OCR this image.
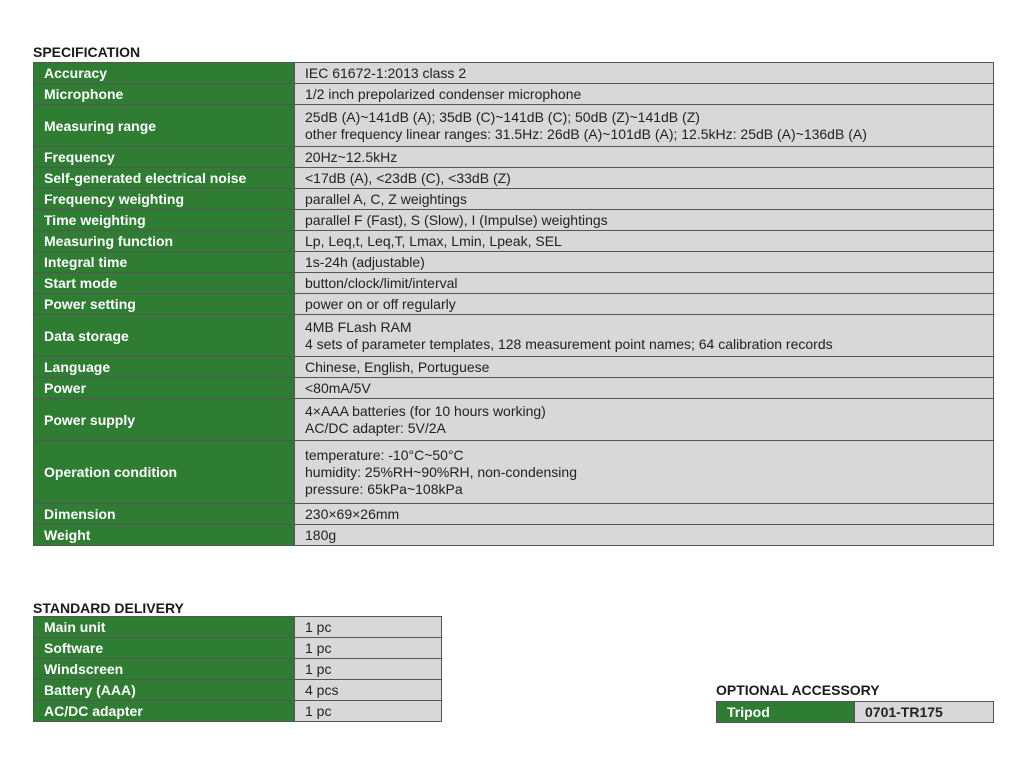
SPECIFICATION
Accuracy	IEC 61672-1:2013 class 2

Microphone	1/2 inch prepolarized condenser microphone

Measuring range	25dB (A)~141dB (A); 35dB (C)~141dB (C); 50dB (Z)~141dB (Z)
other frequency linear ranges: 31.5Hz: 26dB (A)~101dB (A); 12.5kHz: 25dB (A)~136dB (A)

Frequency	20Hz~12.5kHz

Self-generated electrical noise	<17dB (A), <23dB (C), <33dB (Z)

Frequency weighting	parallel A, C, Z weightings

Time weighting	parallel F (Fast), S (Slow), I (Impulse) weightings

Measuring function	Lp, Leq,t, Leq,T, Lmax, Lmin, Lpeak, SEL

Integral time	1s-24h (adjustable)

Start mode	button/clock/limit/interval

Power setting	power on or off regularly

Data storage	4MB FLash RAM
4 sets of parameter templates, 128 measurement point names; 64 calibration records

Language	Chinese, English, Portuguese

Power	<80mA/5V

Power supply	4×AAA batteries (for 10 hours working)
AC/DC adapter: 5V/2A

Operation condition	temperature: -10°C~50°C
humidity: 25%RH~90%RH, non-condensing
pressure: 65kPa~108kPa

Dimension	230×69×26mm

Weight	180g
STANDARD DELIVERY
Main unit	1 pc
Software	1 pc
Windscreen	1 pc
Battery (AAA)	4 pcs
AC/DC adapter	1 pc
OPTIONAL ACCESSORY
Tripod	0701-TR175
